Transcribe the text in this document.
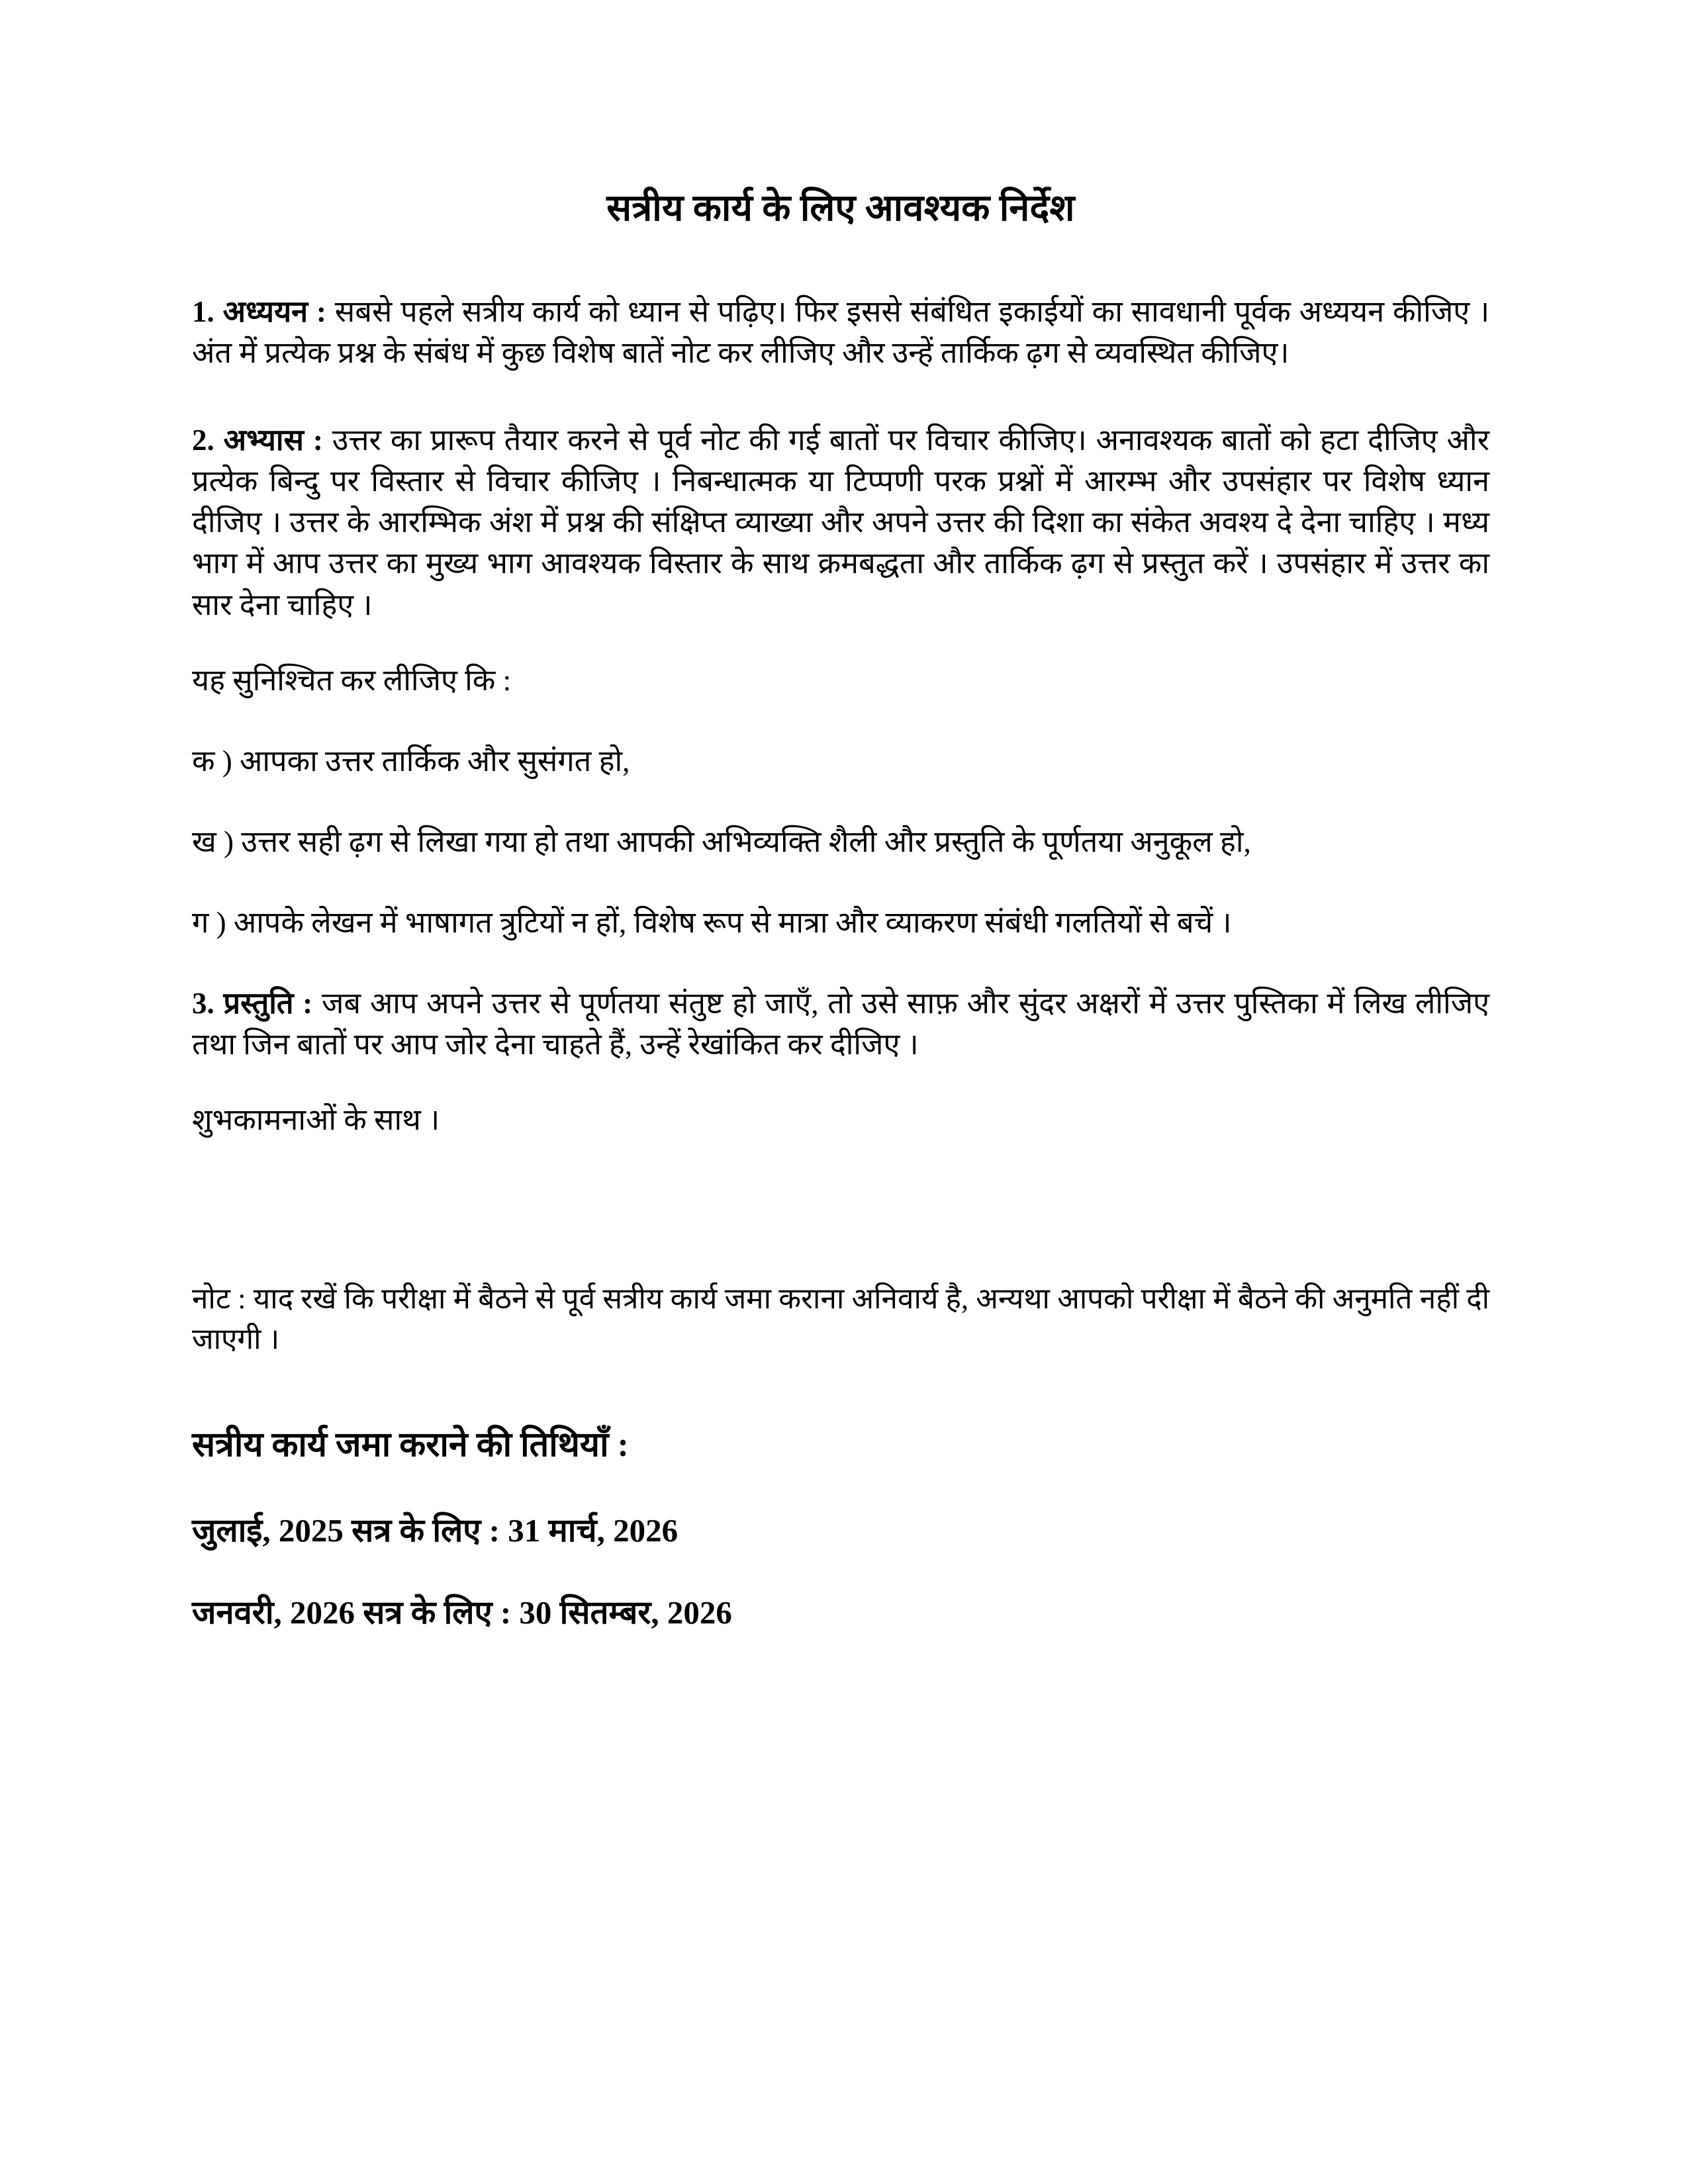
सत्रीय कार्य के लिए आवश्यक निर्देश

1. अध्ययन : सबसे पहले सत्रीय कार्य को ध्यान से पढ़िए। फिर इससे संबंधित इकाईयों का सावधानी पूर्वक अध्ययन कीजिए । अंत में प्रत्येक प्रश्न के संबंध में कुछ विशेष बातें नोट कर लीजिए और उन्हें तार्किक ढ़ग से व्यवस्थित कीजिए।

2. अभ्यास : उत्तर का प्रारूप तैयार करने से पूर्व नोट की गई बातों पर विचार कीजिए। अनावश्यक बातों को हटा दीजिए और प्रत्येक बिन्दु पर विस्तार से विचार कीजिए । निबन्धात्मक या टिप्पणी परक प्रश्नों में आरम्भ और उपसंहार पर विशेष ध्यान दीजिए । उत्तर के आरम्भिक अंश में प्रश्न की संक्षिप्त व्याख्या और अपने उत्तर की दिशा का संकेत अवश्य दे देना चाहिए । मध्य भाग में आप उत्तर का मुख्य भाग आवश्यक विस्तार के साथ क्रमबद्धता और तार्किक ढ़ग से प्रस्तुत करें । उपसंहार में उत्तर का सार देना चाहिए ।

यह सुनिश्चित कर लीजिए कि :

क ) आपका उत्तर तार्किक और सुसंगत हो,

ख ) उत्तर सही ढ़ग से लिखा गया हो तथा आपकी अभिव्यक्ति शैली और प्रस्तुति के पूर्णतया अनुकूल हो,

ग ) आपके लेखन में भाषागत त्रुटियों न हों, विशेष रूप से मात्रा और व्याकरण संबंधी गलतियों से बचें ।

3. प्रस्तुति : जब आप अपने उत्तर से पूर्णतया संतुष्ट हो जाएँ, तो उसे साफ़ और सुंदर अक्षरों में उत्तर पुस्तिका में लिख लीजिए तथा जिन बातों पर आप जोर देना चाहते हैं, उन्हें रेखांकित कर दीजिए ।

शुभकामनाओं के साथ ।

नोट : याद रखें कि परीक्षा में बैठने से पूर्व सत्रीय कार्य जमा कराना अनिवार्य है, अन्यथा आपको परीक्षा में बैठने की अनुमति नहीं दी जाएगी ।

सत्रीय कार्य जमा कराने की तिथियाँ :

जुलाई, 2025 सत्र के लिए : 31 मार्च, 2026

जनवरी, 2026 सत्र के लिए : 30 सितम्बर, 2026
